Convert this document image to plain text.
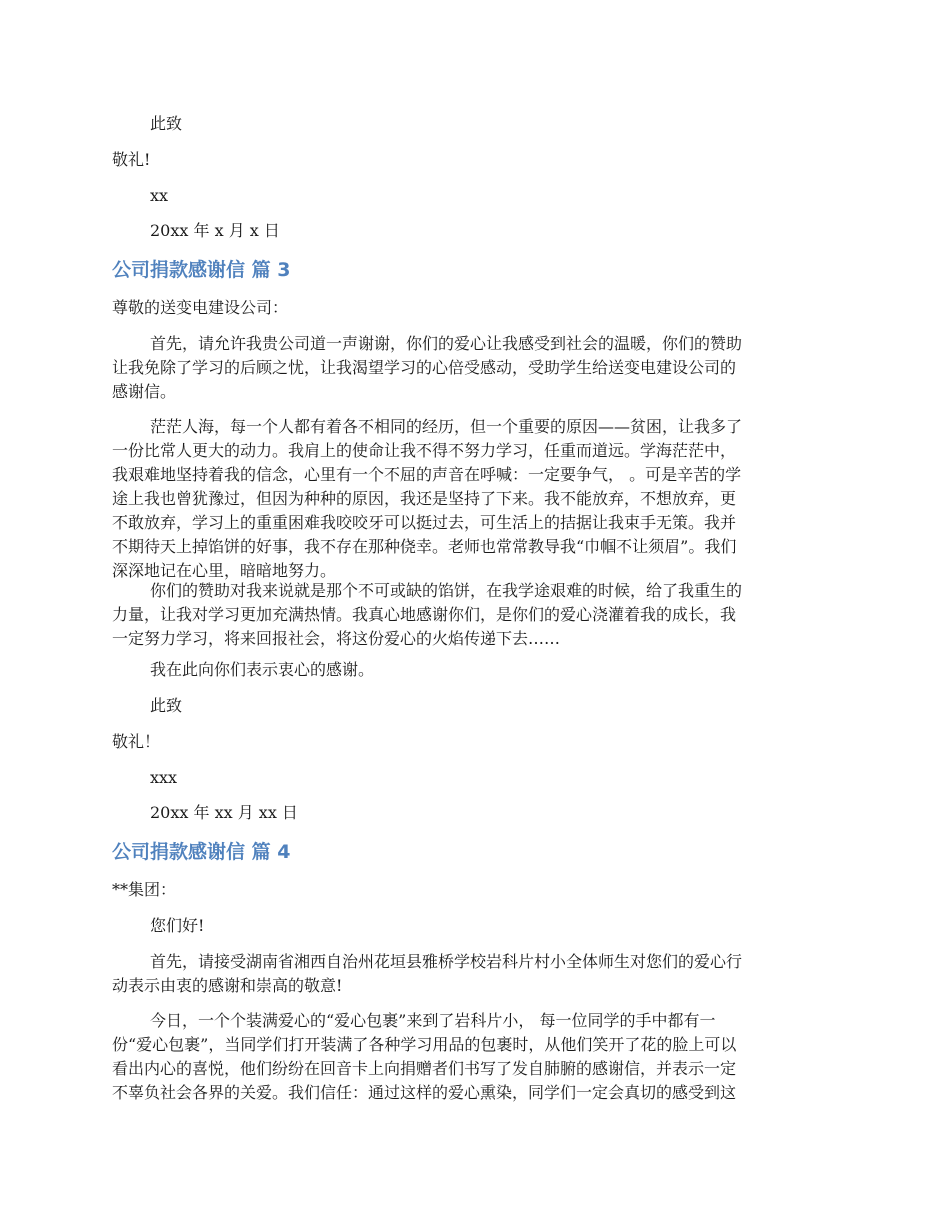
此致
敬礼!
xx
20xx 年 x 月 x 日
公司捐款感谢信 篇 3
尊敬的送变电建设公司：
首先，请允许我贵公司道一声谢谢，你们的爱心让我感受到社会的温暖，你们的赞助
让我免除了学习的后顾之忧，让我渴望学习的心倍受感动，受助学生给送变电建设公司的
感谢信。
茫茫人海，每一个人都有着各不相同的经历，但一个重要的原因——贫困，让我多了
一份比常人更大的动力。我肩上的使命让我不得不努力学习，任重而道远。学海茫茫中，
我艰难地坚持着我的信念，心里有一个不屈的声音在呼喊：一定要争气， 。可是辛苦的学
途上我也曾犹豫过，但因为种种的原因，我还是坚持了下来。我不能放弃，不想放弃，更
不敢放弃，学习上的重重困难我咬咬牙可以挺过去，可生活上的拮据让我束手无策。我并
不期待天上掉馅饼的好事，我不存在那种侥幸。老师也常常教导我“巾帼不让须眉”。我们
深深地记在心里，暗暗地努力。
你们的赞助对我来说就是那个不可或缺的馅饼，在我学途艰难的时候，给了我重生的
力量，让我对学习更加充满热情。我真心地感谢你们，是你们的爱心浇灌着我的成长，我
一定努力学习，将来回报社会，将这份爱心的火焰传递下去……
我在此向你们表示衷心的感谢。
此致
敬礼！
xxx
20xx 年 xx 月 xx 日
公司捐款感谢信 篇 4
**集团：
您们好!
首先，请接受湖南省湘西自治州花垣县雅桥学校岩科片村小全体师生对您们的爱心行
动表示由衷的感谢和崇高的敬意!
今日，一个个装满爱心的“爱心包裹”来到了岩科片小， 每一位同学的手中都有一
份“爱心包裹”，当同学们打开装满了各种学习用品的包裹时，从他们笑开了花的脸上可以
看出内心的喜悦，他们纷纷在回音卡上向捐赠者们书写了发自肺腑的感谢信，并表示一定
不辜负社会各界的关爱。我们信任：通过这样的爱心熏染，同学们一定会真切的感受到这
